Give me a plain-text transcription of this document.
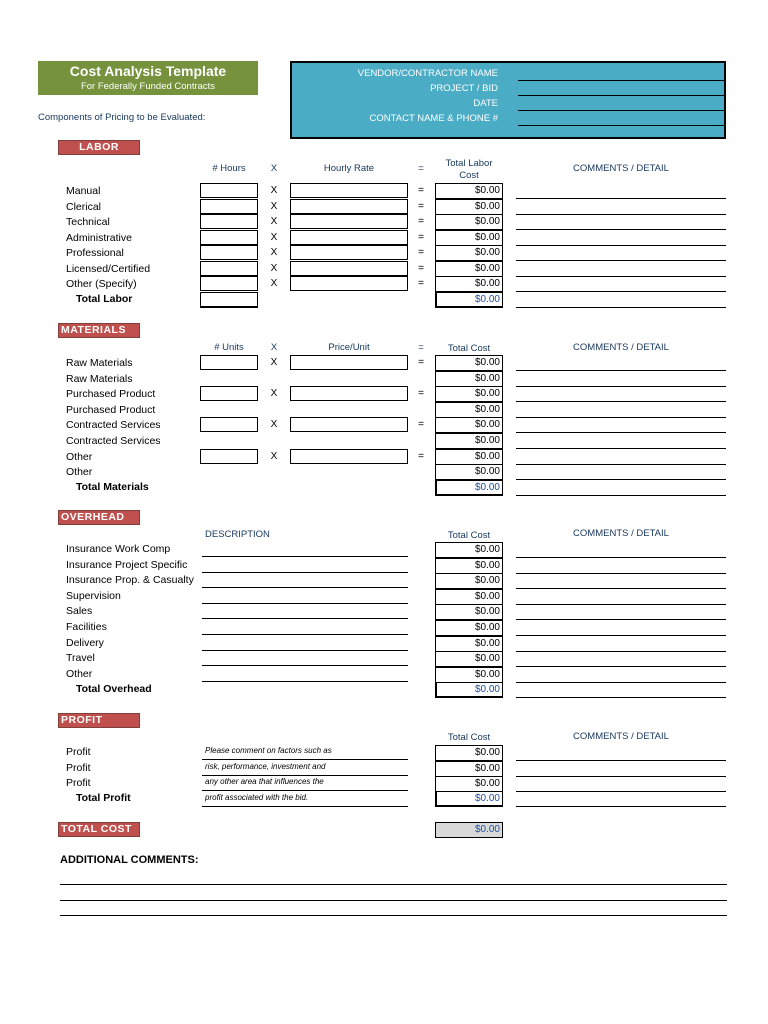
Cost Analysis Template
For Federally Funded Contracts
Components of Pricing to be Evaluated:
VENDOR/CONTRACTOR NAME
PROJECT / BID
DATE
CONTACT NAME & PHONE #
LABOR
# Hours	X	Hourly Rate	=	Total Labor
Cost
COMMENTS / DETAIL
Manual	X	=	$0.00
Clerical	X	=	$0.00
Technical	X	=	$0.00
Administrative	X	=	$0.00
Professional	X	=	$0.00
Licensed/Certified	X	=	$0.00
Other (Specify)	X	=	$0.00
Total Labor	$0.00
MATERIALS
# Units	X	Price/Unit	=	Total Cost	COMMENTS / DETAIL
Raw Materials	X	=	$0.00
Raw Materials	$0.00
Purchased Product	X	=	$0.00
Purchased Product	$0.00
Contracted Services	X	=	$0.00
Contracted Services	$0.00
Other	X	=	$0.00
Other	$0.00
Total Materials	$0.00
OVERHEAD
DESCRIPTION	Total Cost	COMMENTS / DETAIL
Insurance Work Comp	$0.00
Insurance Project Specific	$0.00
Insurance Prop. & Casualty	$0.00
Supervision	$0.00
Sales	$0.00
Facilities	$0.00
Delivery	$0.00
Travel	$0.00
Other	$0.00
Total Overhead	$0.00
PROFIT
Total Cost	COMMENTS / DETAIL
Profit	$0.00
Profit	$0.00
Profit	$0.00
Please comment on factors such as
risk, performance, investment and
any other area that influences the
profit associated with the bid.
Total Profit	$0.00
TOTAL COST	$0.00
ADDITIONAL COMMENTS:
